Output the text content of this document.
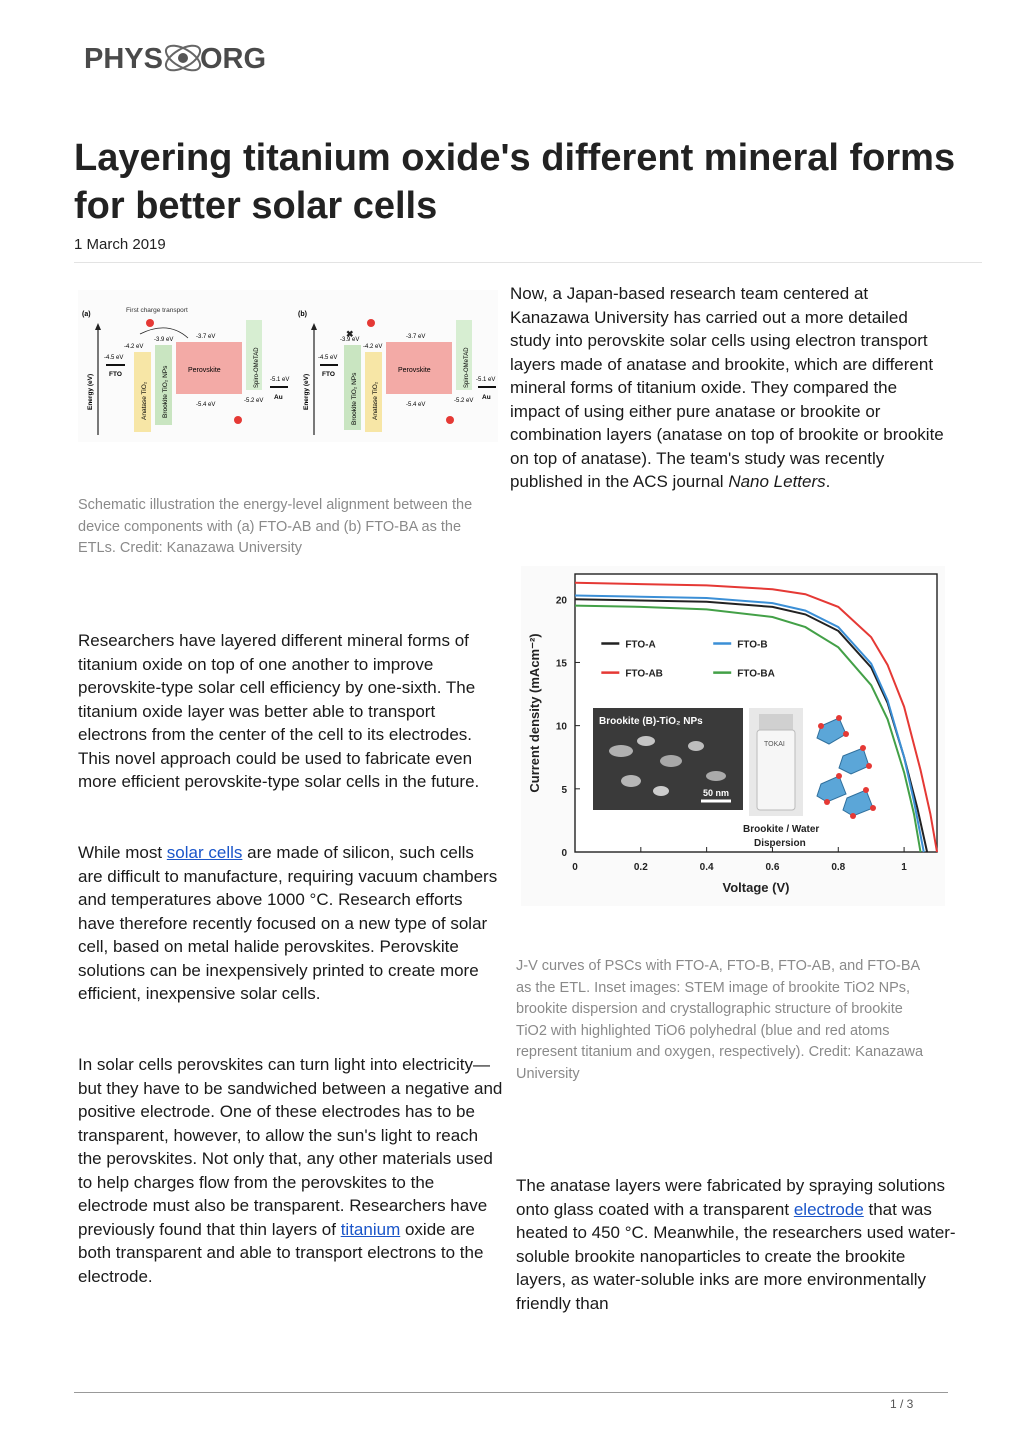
PHYS ORG
Layering titanium oxide's different mineral forms for better solar cells
1 March 2019
(a)
First charge transport
Energy (eV)
-4.5 eV
FTO
Anatase TiO₂
-4.2 eV
Brookite TiO₂ NPs
-3.9 eV
Perovskite
-3.7 eV
-5.4 eV
Spiro-OMeTAD
-5.2 eV
-5.1 eV
Au
(b)
Energy (eV)
-4.5 eV
FTO Brookite TiO₂ NPs
-3.9 eV
Anatase TiO₂
-4.2 eV
Perovskite
-3.7 eV
-5.4 eV
Spiro-OMeTAD
-5.2 eV
-5.1 eV
Au
✖
Schematic illustration the energy-level alignment between the device components with (a) FTO-AB and (b) FTO-BA as the ETLs. Credit: Kanazawa University

Now, a Japan-based research team centered at Kanazawa University has carried out a more detailed study into perovskite solar cells using electron transport layers made of anatase and brookite, which are different mineral forms of titanium oxide. They compared the impact of using either pure anatase or brookite or combination layers (anatase on top of brookite or brookite on top of anatase). The team's study was recently published in the ACS journal Nano Letters.

Researchers have layered different mineral forms of titanium oxide on top of one another to improve perovskite-type solar cell efficiency by one-sixth. The titanium oxide layer was better able to transport electrons from the center of the cell to its electrodes. This novel approach could be used to fabricate even more efficient perovskite-type solar cells in the future.

While most solar cells are made of silicon, such cells are difficult to manufacture, requiring vacuum chambers and temperatures above 1000 °C. Research efforts have therefore recently focused on a new type of solar cell, based on metal halide perovskites. Perovskite solutions can be inexpensively printed to create more efficient, inexpensive solar cells.

In solar cells perovskites can turn light into electricity—but they have to be sandwiched between a negative and positive electrode. One of these electrodes has to be transparent, however, to allow the sun's light to reach the perovskites. Not only that, any other materials used to help charges flow from the perovskites to the electrode must also be transparent. Researchers have previously found that thin layers of titanium oxide are both transparent and able to transport electrons to the electrode.

0	0.2	0.4	0.6	0.8	1
0
5
10
15
20
Voltage (V)
Current density (mAcm⁻²)	FTO-A	FTO-B
FTO-AB	FTO-BA
Brookite (B)-TiO₂ NPs
50 nm
TOKAI
Brookite / Water
Dispersion
J-V curves of PSCs with FTO-A, FTO-B, FTO-AB, and FTO-BA as the ETL. Inset images: STEM image of brookite TiO2 NPs, brookite dispersion and crystallographic structure of brookite TiO2 with highlighted TiO6 polyhedral (blue and red atoms represent titanium and oxygen, respectively). Credit: Kanazawa University

The anatase layers were fabricated by spraying solutions onto glass coated with a transparent electrode that was heated to 450 °C. Meanwhile, the researchers used water-soluble brookite nanoparticles to create the brookite layers, as water-soluble inks are more environmentally friendly than

1 / 3
